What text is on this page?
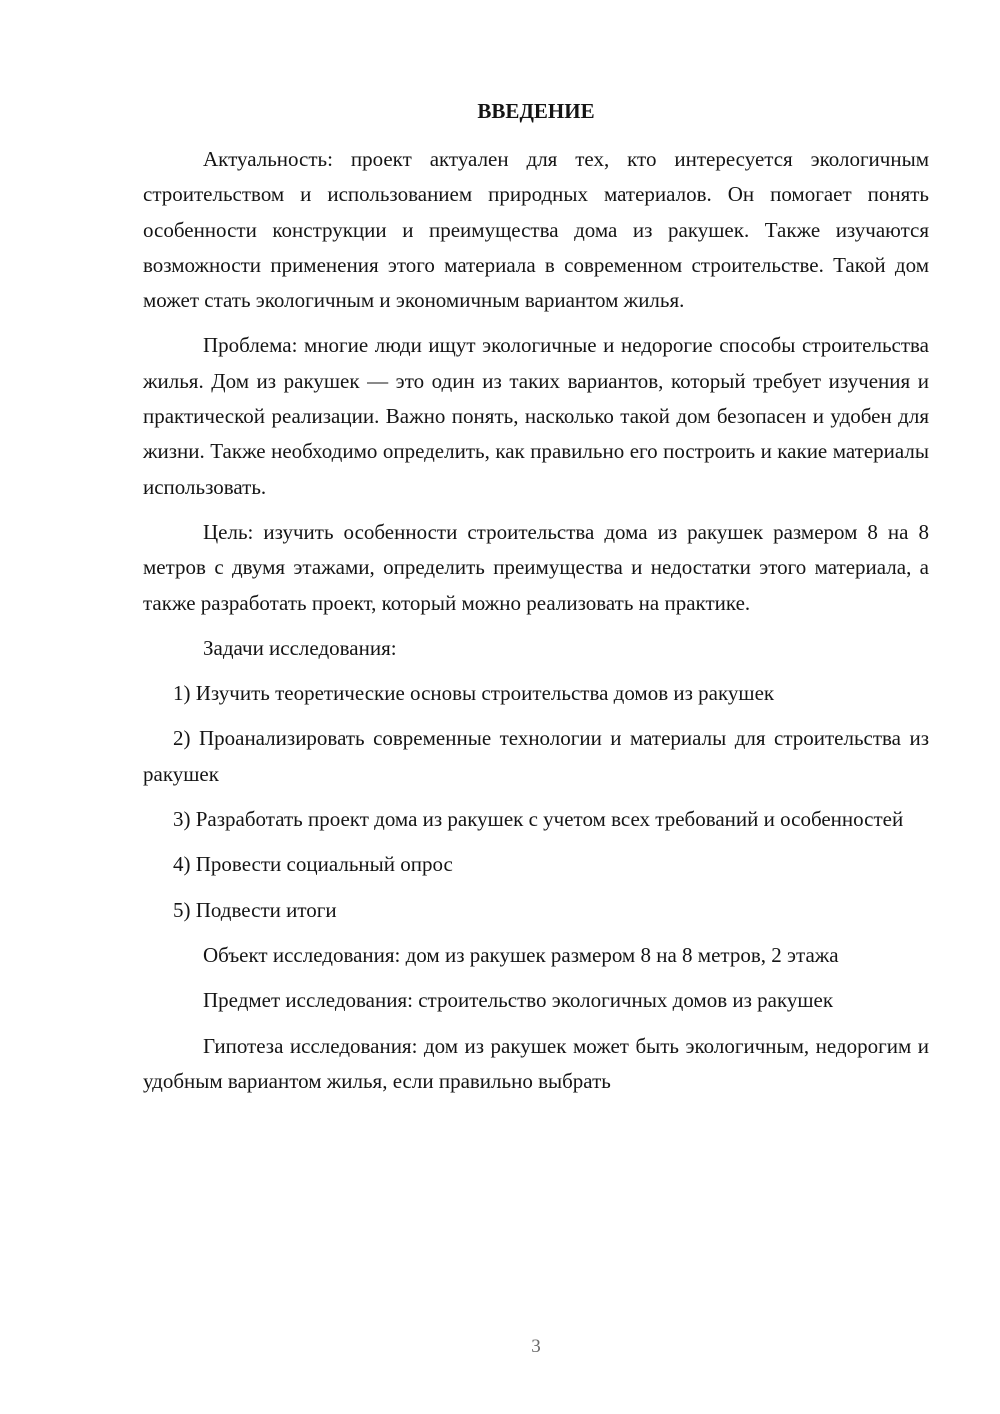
ВВЕДЕНИЕ

Актуальность: проект актуален для тех, кто интересуется экологичным строительством и использованием природных материалов. Он помогает понять особенности конструкции и преимущества дома из ракушек. Также изучаются возможности применения этого материала в современном строительстве. Такой дом может стать экологичным и экономичным вариантом жилья.

Проблема: многие люди ищут экологичные и недорогие способы строительства жилья. Дом из ракушек — это один из таких вариантов, который требует изучения и практической реализации. Важно понять, насколько такой дом безопасен и удобен для жизни. Также необходимо определить, как правильно его построить и какие материалы использовать.

Цель: изучить особенности строительства дома из ракушек размером 8 на 8 метров с двумя этажами, определить преимущества и недостатки этого материала, а также разработать проект, который можно реализовать на практике.

Задачи исследования:

1) Изучить теоретические основы строительства домов из ракушек

2) Проанализировать современные технологии и материалы для строительства из ракушек

3) Разработать проект дома из ракушек с учетом всех требований и особенностей

4) Провести социальный опрос

5) Подвести итоги

Объект исследования: дом из ракушек размером 8 на 8 метров, 2 этажа

Предмет исследования: строительство экологичных домов из ракушек

Гипотеза исследования: дом из ракушек может быть экологичным, недорогим и удобным вариантом жилья, если правильно выбрать

3
